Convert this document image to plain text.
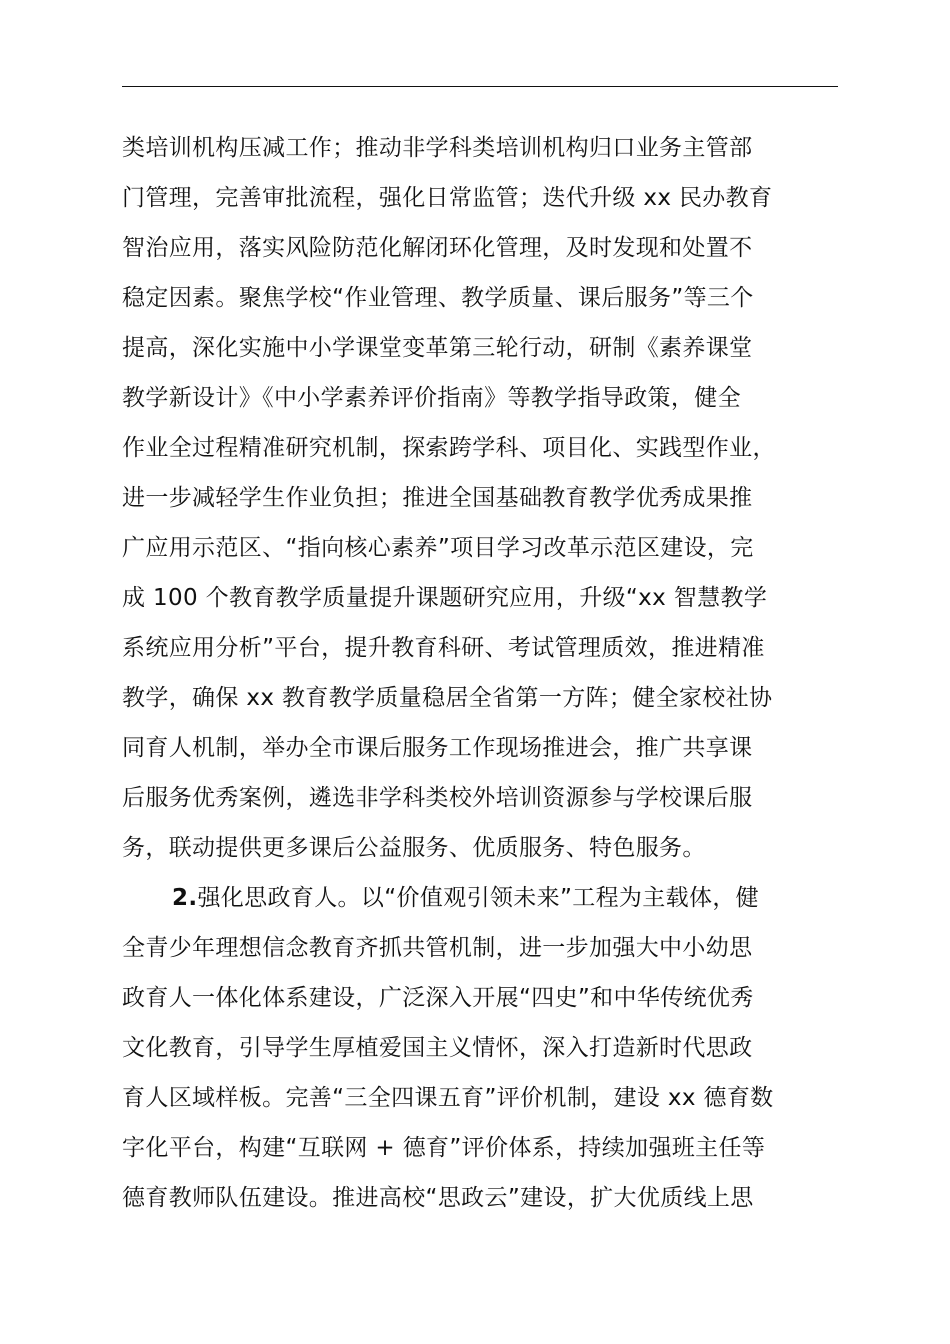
类培训机构压减工作；推动非学科类培训机构归口业务主管部
门管理，完善审批流程，强化日常监管；迭代升级 xx 民办教育
智治应用，落实风险防范化解闭环化管理，及时发现和处置不
稳定因素。聚焦学校“作业管理、教学质量、课后服务”等三个
提高，深化实施中小学课堂变革第三轮行动，研制《素养课堂
教学新设计》《中小学素养评价指南》等教学指导政策，健全
作业全过程精准研究机制，探索跨学科、项目化、实践型作业，
进一步减轻学生作业负担；推进全国基础教育教学优秀成果推
广应用示范区、“指向核心素养”项目学习改革示范区建设，完
成 100 个教育教学质量提升课题研究应用，升级“xx 智慧教学
系统应用分析”平台，提升教育科研、考试管理质效，推进精准
教学，确保 xx 教育教学质量稳居全省第一方阵；健全家校社协
同育人机制，举办全市课后服务工作现场推进会，推广共享课
后服务优秀案例，遴选非学科类校外培训资源参与学校课后服
务，联动提供更多课后公益服务、优质服务、特色服务。
2.强化思政育人。以“价值观引领未来”工程为主载体，健
全青少年理想信念教育齐抓共管机制，进一步加强大中小幼思
政育人一体化体系建设，广泛深入开展“四史”和中华传统优秀
文化教育，引导学生厚植爱国主义情怀，深入打造新时代思政
育人区域样板。完善“三全四课五育”评价机制，建设 xx 德育数
字化平台，构建“互联网 + 德育”评价体系，持续加强班主任等
德育教师队伍建设。推进高校“思政云”建设，扩大优质线上思
